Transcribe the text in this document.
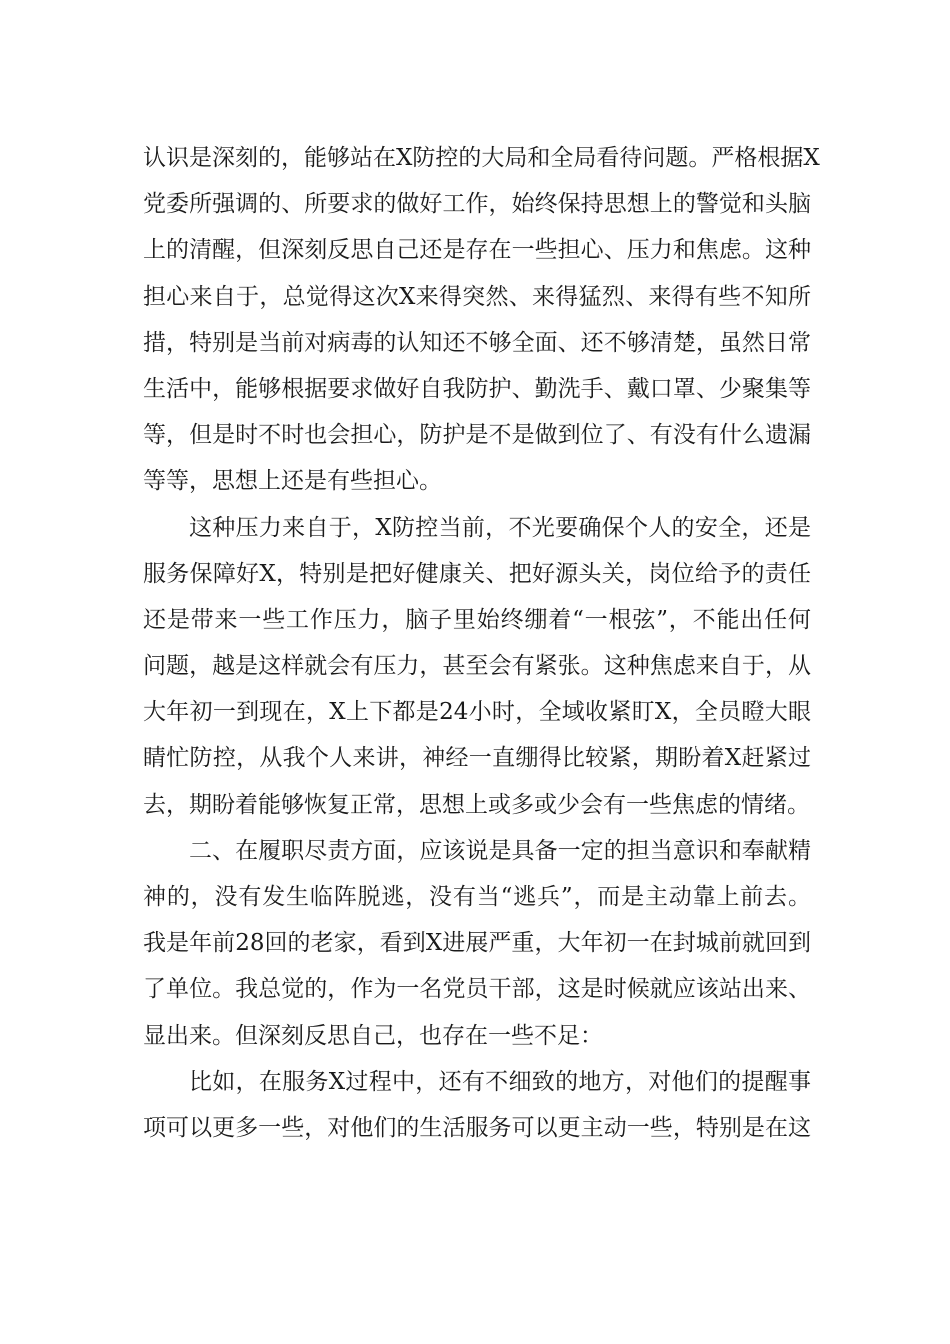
认识是深刻的，能够站在X防控的大局和全局看待问题。严格根据X
党委所强调的、所要求的做好工作，始终保持思想上的警觉和头脑
上的清醒，但深刻反思自己还是存在一些担心、压力和焦虑。这种
担心来自于，总觉得这次X来得突然、来得猛烈、来得有些不知所
措，特别是当前对病毒的认知还不够全面、还不够清楚，虽然日常
生活中，能够根据要求做好自我防护、勤洗手、戴口罩、少聚集等
等，但是时不时也会担心，防护是不是做到位了、有没有什么遗漏
等等，思想上还是有些担心。
这种压力来自于，X防控当前，不光要确保个人的安全，还是
服务保障好X，特别是把好健康关、把好源头关，岗位给予的责任
还是带来一些工作压力，脑子里始终绷着“一根弦”，不能出任何
问题，越是这样就会有压力，甚至会有紧张。这种焦虑来自于，从
大年初一到现在，X上下都是24小时，全域收紧盯X，全员瞪大眼
睛忙防控，从我个人来讲，神经一直绷得比较紧，期盼着X赶紧过
去，期盼着能够恢复正常，思想上或多或少会有一些焦虑的情绪。
二、在履职尽责方面，应该说是具备一定的担当意识和奉献精
神的，没有发生临阵脱逃，没有当“逃兵”，而是主动靠上前去。
我是年前28回的老家，看到X进展严重，大年初一在封城前就回到
了单位。我总觉的，作为一名党员干部，这是时候就应该站出来、
显出来。但深刻反思自己，也存在一些不足：
比如，在服务X过程中，还有不细致的地方，对他们的提醒事
项可以更多一些，对他们的生活服务可以更主动一些，特别是在这
